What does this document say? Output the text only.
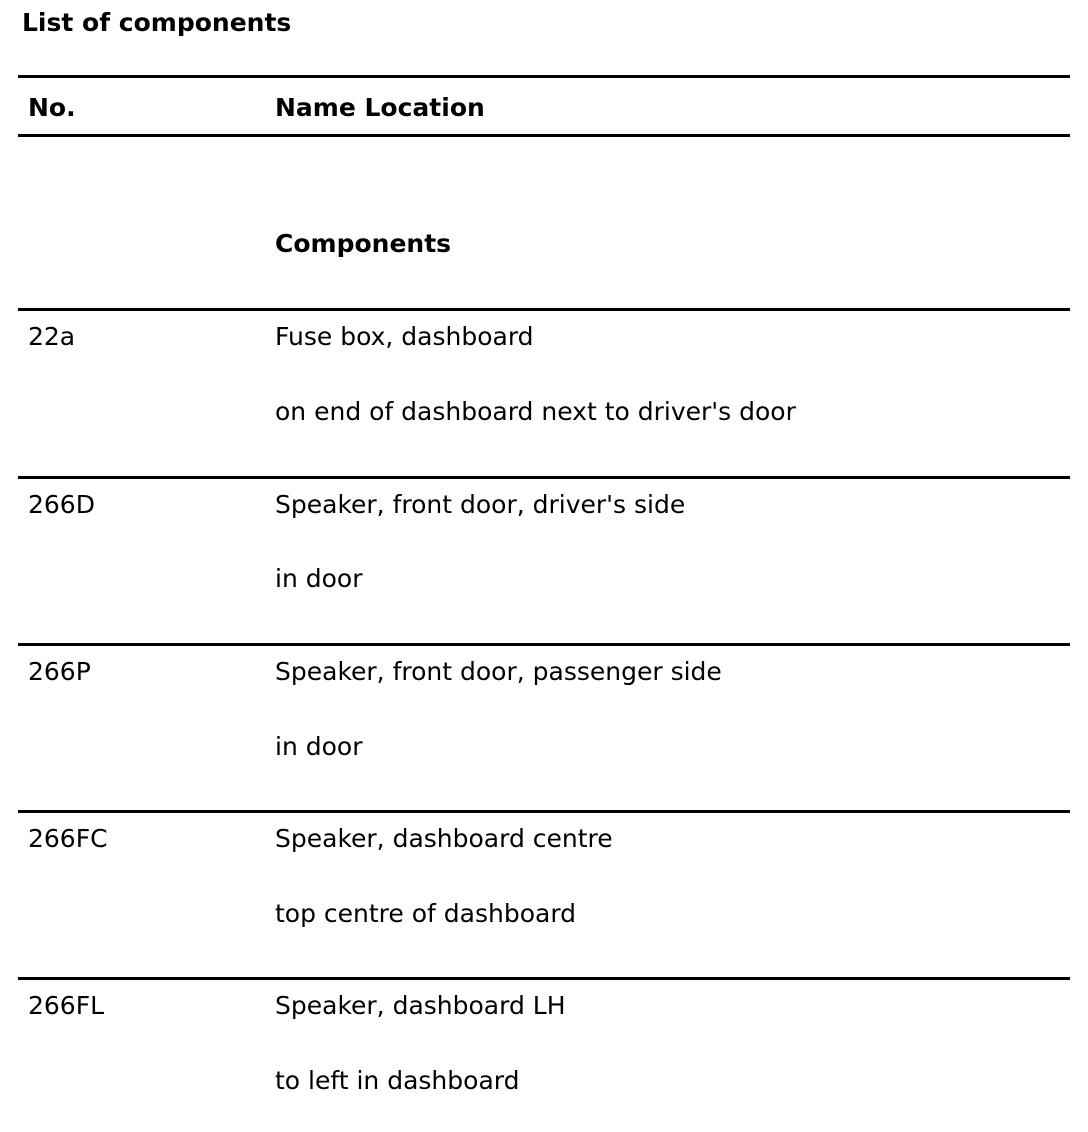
List of components
No.	Name Location
Components
22a	Fuse box, dashboard
on end of dashboard next to driver's door
266D	Speaker, front door, driver's side
in door
266P	Speaker, front door, passenger side
in door
266FC	Speaker, dashboard centre
top centre of dashboard
266FL	Speaker, dashboard LH
to left in dashboard
